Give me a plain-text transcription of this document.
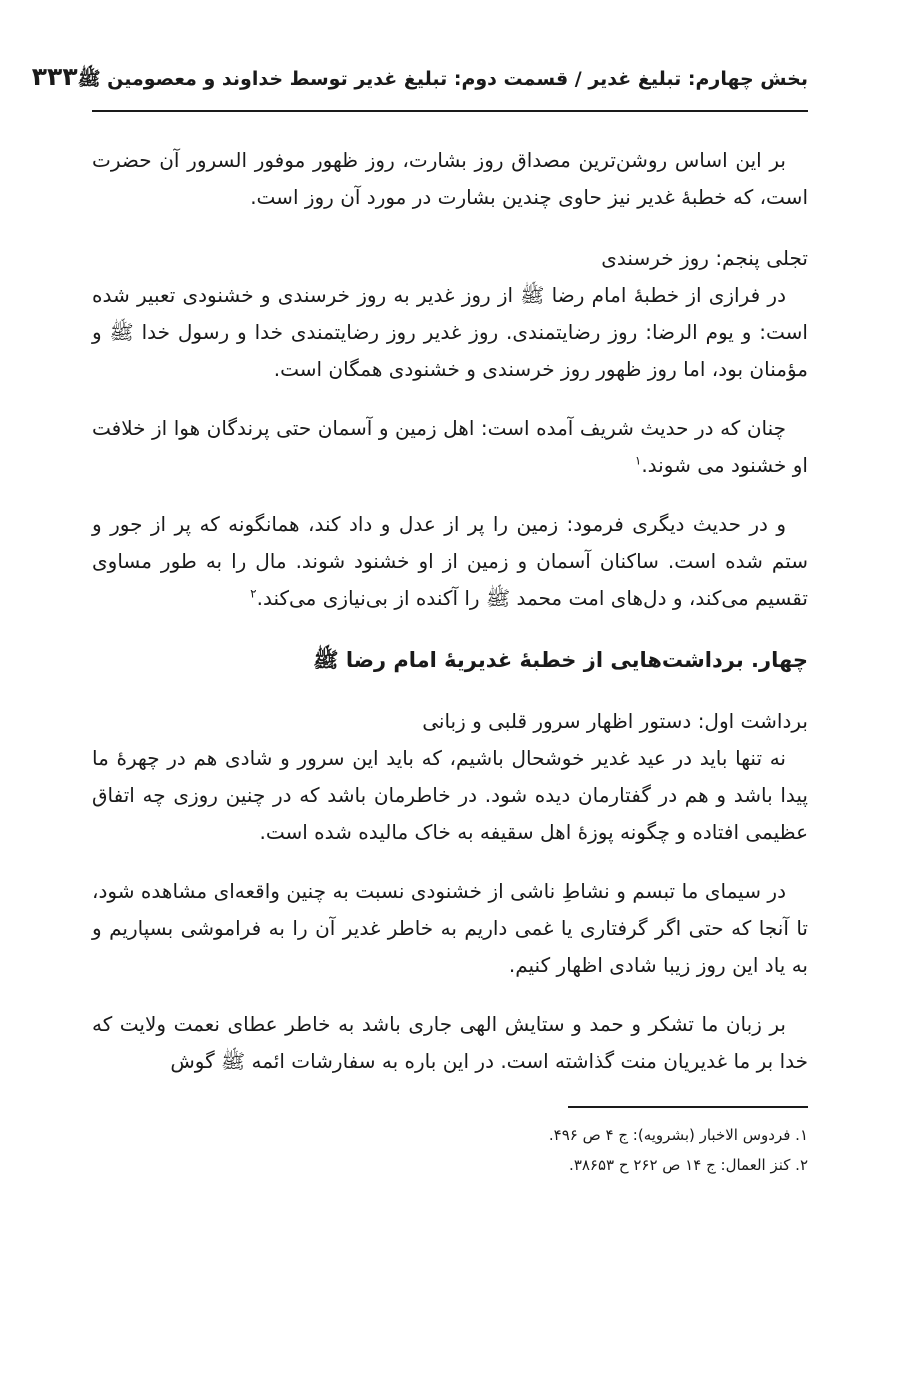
بخش چهارم: تبلیغ غدیر / قسمت دوم: تبلیغ غدیر توسط خداوند و معصومین ﷺ
۳۳۳

بر این اساس روشن‌ترین مصداق روز بشارت، روز ظهور موفور السرور آن حضرت است، که خطبهٔ غدیر نیز حاوی چندین بشارت در مورد آن روز است.

تجلی پنجم: روز خرسندی

در فرازی از خطبهٔ امام رضا ﷺ از روز غدیر به روز خرسندی و خشنودی تعبیر شده است: و یوم الرضا: روز رضایتمندی. روز غدیر روز رضایتمندی خدا و رسول خدا ﷺ و مؤمنان بود، اما روز ظهور روز خرسندی و خشنودی همگان است.

چنان که در حدیث شریف آمده است: اهل زمین و آسمان حتی پرندگان هوا از خلافت او خشنود می شوند.$^۱$

و در حدیث دیگری فرمود: زمین را پر از عدل و داد کند، همانگونه که پر از جور و ستم شده است. ساکنان آسمان و زمین از او خشنود شوند. مال را به طور مساوی تقسیم می‌کند، و دل‌های امت محمد ﷺ را آکنده از بی‌نیازی می‌کند.$^۲$

چهار. برداشت‌هایی از خطبهٔ غدیریهٔ امام رضا ﷺ
برداشت اول: دستور اظهار سرور قلبی و زبانی

نه تنها باید در عید غدیر خوشحال باشیم، که باید این سرور و شادی هم در چهرهٔ ما پیدا باشد و هم در گفتارمان دیده شود. در خاطرمان باشد که در چنین روزی چه اتفاق عظیمی افتاده و چگونه پوزهٔ اهل سقیفه به خاک مالیده شده است.

در سیمای ما تبسم و نشاطِ ناشی از خشنودی نسبت به چنین واقعه‌ای مشاهده شود، تا آنجا که حتی اگر گرفتاری یا غمی داریم به خاطر غدیر آن را به فراموشی بسپاریم و به یاد این روز زیبا شادی اظهار کنیم.

بر زبان ما تشکر و حمد و ستایش الهی جاری باشد به خاطر عطای نعمت ولایت که خدا بر ما غدیریان منت گذاشته است. در این باره به سفارشات ائمه ﷺ گوش

۱. فردوس الاخبار (بشرویه): ج ۴ ص ۴۹۶.

۲. کنز العمال: ج ۱۴ ص ۲۶۲ ح ۳۸۶۵۳.
